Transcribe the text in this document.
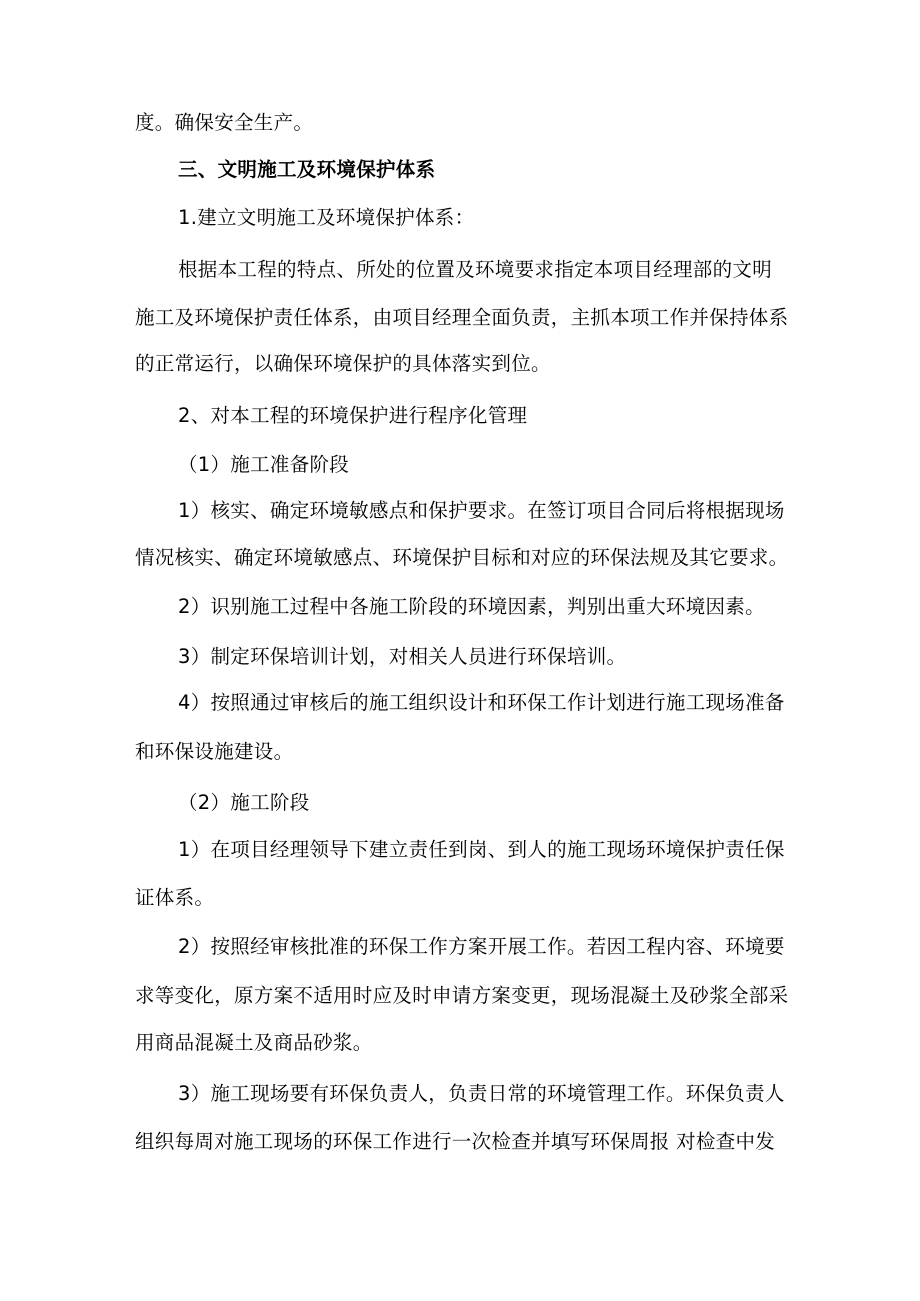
度。确保安全生产。
三、文明施工及环境保护体系
1.建立文明施工及环境保护体系：
根据本工程的特点、所处的位置及环境要求指定本项目经理部的文明
施工及环境保护责任体系，由项目经理全面负责，主抓本项工作并保持体系
的正常运行，以确保环境保护的具体落实到位。
2、对本工程的环境保护进行程序化管理
（1）施工准备阶段
1）核实、确定环境敏感点和保护要求。在签订项目合同后将根据现场
情况核实、确定环境敏感点、环境保护目标和对应的环保法规及其它要求。
2）识别施工过程中各施工阶段的环境因素，判别出重大环境因素。
3）制定环保培训计划，对相关人员进行环保培训。
4）按照通过审核后的施工组织设计和环保工作计划进行施工现场准备
和环保设施建设。
（2）施工阶段
1）在项目经理领导下建立责任到岗、到人的施工现场环境保护责任保
证体系。
2）按照经审核批准的环保工作方案开展工作。若因工程内容、环境要
求等变化，原方案不适用时应及时申请方案变更，现场混凝土及砂浆全部采
用商品混凝土及商品砂浆。
3）施工现场要有环保负责人，负责日常的环境管理工作。环保负责人
组织每周对施工现场的环保工作进行一次检查并填写环保周报 对检查中发
